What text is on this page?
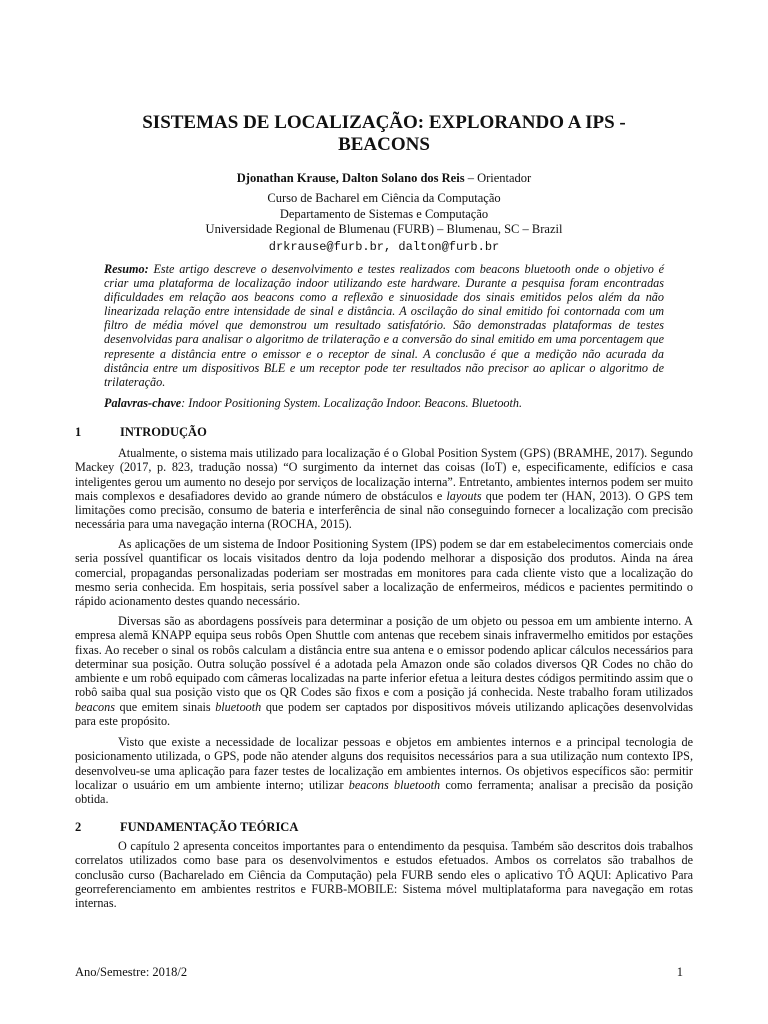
SISTEMAS DE LOCALIZAÇÃO: EXPLORANDO A IPS - BEACONS
Djonathan Krause, Dalton Solano dos Reis – Orientador
Curso de Bacharel em Ciência da Computação
Departamento de Sistemas e Computação
Universidade Regional de Blumenau (FURB) – Blumenau, SC – Brazil
drkrause@furb.br, dalton@furb.br
Resumo: Este artigo descreve o desenvolvimento e testes realizados com beacons bluetooth onde o objetivo é criar uma plataforma de localização indoor utilizando este hardware. Durante a pesquisa foram encontradas dificuldades em relação aos beacons como a reflexão e sinuosidade dos sinais emitidos pelos além da não linearizada relação entre intensidade de sinal e distância. A oscilação do sinal emitido foi contornada com um filtro de média móvel que demonstrou um resultado satisfatório. São demonstradas plataformas de testes desenvolvidas para analisar o algoritmo de trilateração e a conversão do sinal emitido em uma porcentagem que represente a distância entre o emissor e o receptor de sinal. A conclusão é que a medição não acurada da distância entre um dispositivos BLE e um receptor pode ter resultados não precisor ao aplicar o algoritmo de trilateração.
Palavras-chave: Indoor Positioning System. Localização Indoor. Beacons. Bluetooth.
1	INTRODUÇÃO
Atualmente, o sistema mais utilizado para localização é o Global Position System (GPS) (BRAMHE, 2017). Segundo Mackey (2017, p. 823, tradução nossa) “O surgimento da internet das coisas (IoT) e, especificamente, edifícios e casa inteligentes gerou um aumento no desejo por serviços de localização interna”. Entretanto, ambientes internos podem ser muito mais complexos e desafiadores devido ao grande número de obstáculos e layouts que podem ter (HAN, 2013). O GPS tem limitações como precisão, consumo de bateria e interferência de sinal não conseguindo fornecer a localização com precisão necessária para uma navegação interna (ROCHA, 2015).
As aplicações de um sistema de Indoor Positioning System (IPS) podem se dar em estabelecimentos comerciais onde seria possível quantificar os locais visitados dentro da loja podendo melhorar a disposição dos produtos. Ainda na área comercial, propagandas personalizadas poderiam ser mostradas em monitores para cada cliente visto que a localização do mesmo seria conhecida. Em hospitais, seria possível saber a localização de enfermeiros, médicos e pacientes permitindo o rápido acionamento destes quando necessário.
Diversas são as abordagens possíveis para determinar a posição de um objeto ou pessoa em um ambiente interno. A empresa alemã KNAPP equipa seus robôs Open Shuttle com antenas que recebem sinais infravermelho emitidos por estações fixas. Ao receber o sinal os robôs calculam a distância entre sua antena e o emissor podendo aplicar cálculos necessários para determinar sua posição. Outra solução possível é a adotada pela Amazon onde são colados diversos QR Codes no chão do ambiente e um robô equipado com câmeras localizadas na parte inferior efetua a leitura destes códigos permitindo assim que o robô saiba qual sua posição visto que os QR Codes são fixos e com a posição já conhecida. Neste trabalho foram utilizados beacons que emitem sinais bluetooth que podem ser captados por dispositivos móveis utilizando aplicações desenvolvidas para este propósito.
Visto que existe a necessidade de localizar pessoas e objetos em ambientes internos e a principal tecnologia de posicionamento utilizada, o GPS, pode não atender alguns dos requisitos necessários para a sua utilização num contexto IPS, desenvolveu-se uma aplicação para fazer testes de localização em ambientes internos. Os objetivos específicos são: permitir localizar o usuário em um ambiente interno; utilizar beacons bluetooth como ferramenta; analisar a precisão da posição obtida.
2	FUNDAMENTAÇÃO TEÓRICA
O capítulo 2 apresenta conceitos importantes para o entendimento da pesquisa. Também são descritos dois trabalhos correlatos utilizados como base para os desenvolvimentos e estudos efetuados. Ambos os correlatos são trabalhos de conclusão curso (Bacharelado em Ciência da Computação) pela FURB sendo eles o aplicativo TÔ AQUI: Aplicativo Para georreferenciamento em ambientes restritos e FURB-MOBILE: Sistema móvel multiplataforma para navegação em rotas internas.
Ano/Semestre: 2018/2	1
